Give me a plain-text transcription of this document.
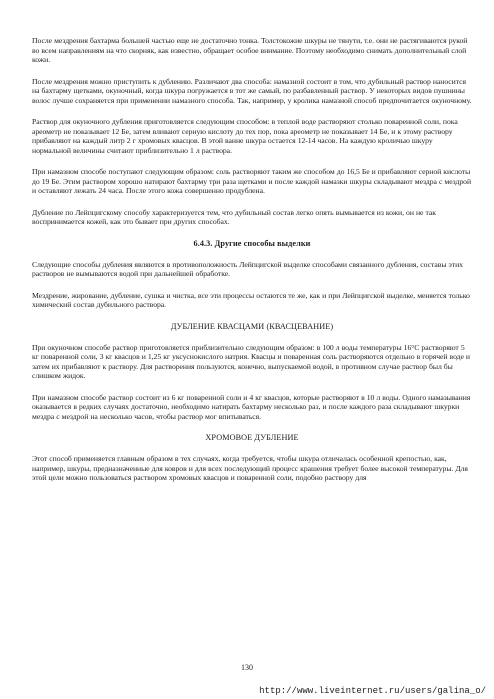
После мездрения бахтарма большей частью еще не достаточно тонка. Толстокожие шкуры не тянути, т.е. они не растягиваются рукой во всем направлениям на что скорняк, как известно, обращает особое внимание. Поэтому необходимо снимать дополнительный слой кожи.

После мездрения можно приступить к дублению. Различают два способа: намазной состоит в том, что дубильный раствор наносится на бахтарму щетками, окуночный, когда шкура погружается в тот же самый, по разбавленный раствор. У некоторых видов пушнины волос лучше сохраняется при применении намазного способа. Так, например, у кролика намазной способ предпочитается окуночному.

Раствор для окуночного дубления приготовляется следующим способом: в теплой воде растворяют столько поваренной соли, пока ареометр не показывает 12 Бе, затем вливают серную кислоту до тех пор, пока ареометр не показывает 14 Бе, и к этому раствору прибавляют на каждый литр 2 г хромовых квасцов. В этой ванне шкура остается 12-14 часов. На каждую кроличью шкуру нормальной величины считают приблизительно 1 л раствора.

При намазном способе поступают следующим образом: соль растворяют таким же способом до 16,5 Бе и прибавляют серной кислоты до 19 Бе. Этим раствором хорошо натирают бахтарму три раза щетками и после каждой намазки шкуры складывают мездра с мездрой и оставляют лежать 24 часа. После этого кожа совершенно продублена.

Дубление по Лейпцигскому способу характеризуется тем, что дубильный состав легко опять вымывается из кожи, он не так воспринимается кожей, как это бывает при других способах.

6.4.3. Другие способы выделки

Следующие способы дубления являются в противоположность Лейпцигской выделке способами связанного дубления, составы этих растворов не вымываются водой при дальнейшей обработке.

Мездрение, жирование, дубление, сушка и чистка, все эти процессы остаются те же, как и при Лейпцигской выделке, меняется только химический состав дубильного раствора.

ДУБЛЕНИЕ КВАСЦАМИ (КВАСЦЕВАНИЕ)

При окуночном способе раствор приготовляется приблизительно следующим образом: в 100 л воды температуры 16°С растворяют 5 кг поваренной соли, 3 кг квасцов и 1,25 кг уксуснокислого натрия. Квасцы и поваренная соль растворяются отдельно в горячей воде и затем их прибавляют к раствору. Для растворения пользуются, конечно, выпускаемой водой, в противном случае раствор был бы слишком жидок.

При намазном способе раствор состоит из 6 кг поваренной соли и 4 кг квасцов, которые растворяют в 10 л воды. Одного намазывания оказывается в редких случаях достаточно, необходимо натирать бахтарму несколько раз, и после каждого раза складывают шкурки мездра с мездрой на несколько часов, чтобы раствор мог впитываться.

ХРОМОВОЕ ДУБЛЕНИЕ

Этот способ применяется главным образом в тех случаях, когда требуется, чтобы шкура отличалась особенной крепостью, как, например, шкуры, предназначенные для ковров и для всех последующий процесс крашения требует более высокой температуры. Для этой цели можно пользоваться раствором хромовых квасцов и поваренной соли, подобно раствору для

130
http://www.liveinternet.ru/users/galina_o/
